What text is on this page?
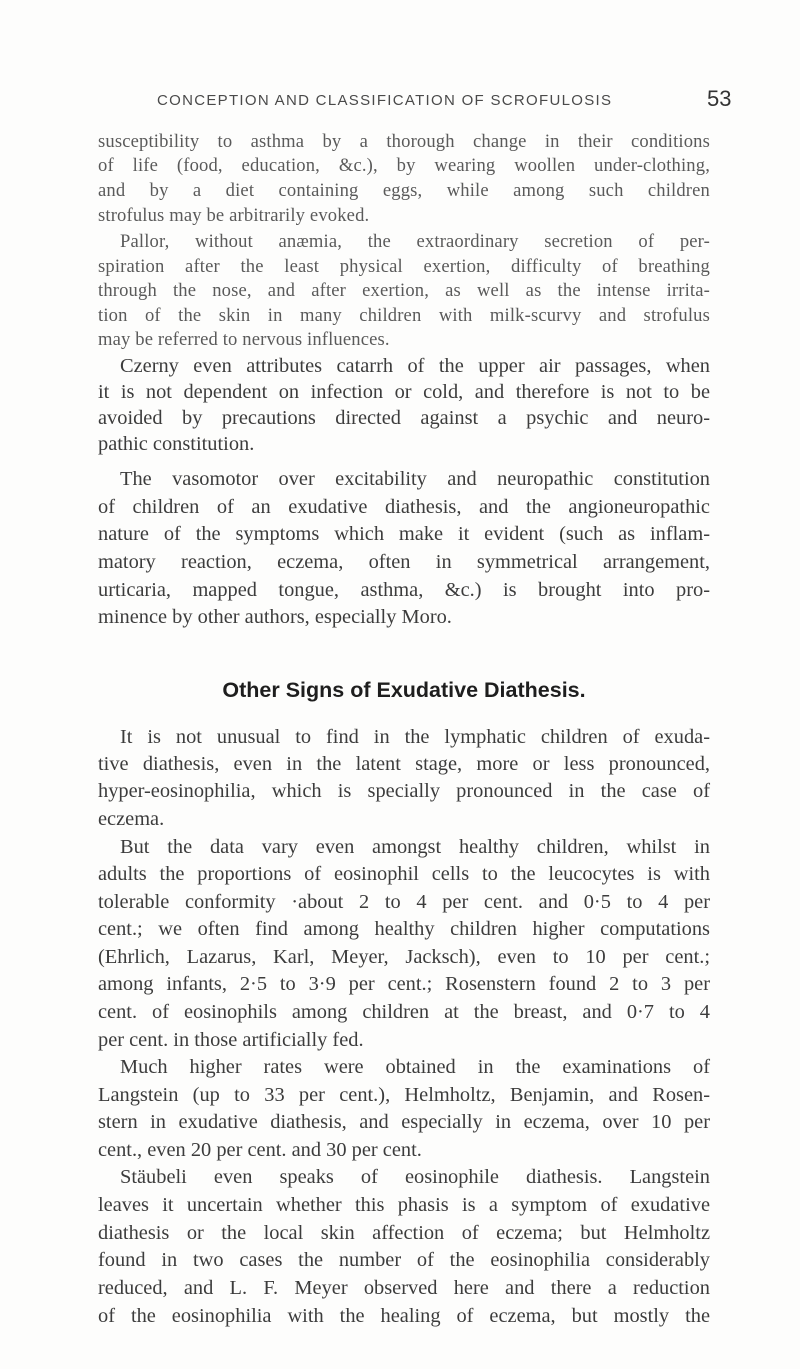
CONCEPTION AND CLASSIFICATION OF SCROFULOSIS	53

susceptibility to asthma by a thorough change in their conditions

of life (food, education, &c.), by wearing woollen under-clothing,

and by a diet containing eggs, while among such children

strofulus may be arbitrarily evoked.

Pallor, without anæmia, the extraordinary secretion of per-

spiration after the least physical exertion, difficulty of breathing

through the nose, and after exertion, as well as the intense irrita-

tion of the skin in many children with milk-scurvy and strofulus

may be referred to nervous influences.

Czerny even attributes catarrh of the upper air passages, when

it is not dependent on infection or cold, and therefore is not to be

avoided by precautions directed against a psychic and neuro-

pathic constitution.

The vasomotor over excitability and neuropathic constitution

of children of an exudative diathesis, and the angioneuropathic

nature of the symptoms which make it evident (such as inflam-

matory reaction, eczema, often in symmetrical arrangement,

urticaria, mapped tongue, asthma, &c.) is brought into pro-

minence by other authors, especially Moro.

Other Signs of Exudative Diathesis.

It is not unusual to find in the lymphatic children of exuda-

tive diathesis, even in the latent stage, more or less pronounced,

hyper-eosinophilia, which is specially pronounced in the case of

eczema.

But the data vary even amongst healthy children, whilst in

adults the proportions of eosinophil cells to the leucocytes is with

tolerable conformity ·about 2 to 4 per cent. and 0·5 to 4 per

cent.; we often find among healthy children higher computations

(Ehrlich, Lazarus, Karl, Meyer, Jacksch), even to 10 per cent.;

among infants, 2·5 to 3·9 per cent.; Rosenstern found 2 to 3 per

cent. of eosinophils among children at the breast, and 0·7 to 4

per cent. in those artificially fed.

Much higher rates were obtained in the examinations of

Langstein (up to 33 per cent.), Helmholtz, Benjamin, and Rosen-

stern in exudative diathesis, and especially in eczema, over 10 per

cent., even 20 per cent. and 30 per cent.

Stäubeli even speaks of eosinophile diathesis. Langstein

leaves it uncertain whether this phasis is a symptom of exudative

diathesis or the local skin affection of eczema; but Helmholtz

found in two cases the number of the eosinophilia considerably

reduced, and L. F. Meyer observed here and there a reduction

of the eosinophilia with the healing of eczema, but mostly the
